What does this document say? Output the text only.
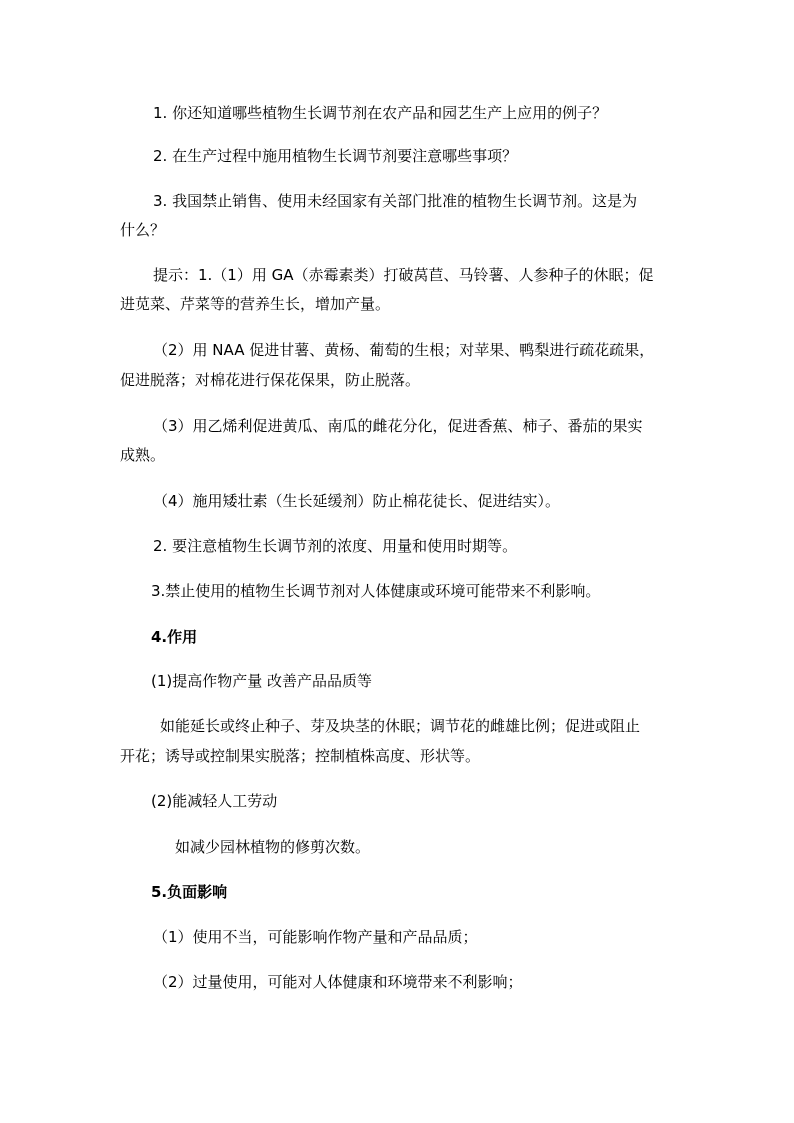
1. 你还知道哪些植物生长调节剂在农产品和园艺生产上应用的例子？
2. 在生产过程中施用植物生长调节剂要注意哪些事项？
3. 我国禁止销售、使用未经国家有关部门批准的植物生长调节剂。这是为
什么？
提示：1.（1）用 GA（赤霉素类）打破莴苣、马铃薯、人参种子的休眠；促
进苋菜、芹菜等的营养生长，增加产量。
（2）用 NAA 促进甘薯、黄杨、葡萄的生根；对苹果、鸭梨进行疏花疏果，
促进脱落；对棉花进行保花保果，防止脱落。
（3）用乙烯利促进黄瓜、南瓜的雌花分化，促进香蕉、柿子、番茄的果实
成熟。
（4）施用矮壮素（生长延缓剂）防止棉花徒长、促进结实）。
2. 要注意植物生长调节剂的浓度、用量和使用时期等。
3.禁止使用的植物生长调节剂对人体健康或环境可能带来不利影响。
4.作用
(1)提高作物产量 改善产品品质等
如能延长或终止种子、芽及块茎的休眠；调节花的雌雄比例；促进或阻止
开花；诱导或控制果实脱落；控制植株高度、形状等。
(2)能减轻人工劳动
如减少园林植物的修剪次数。
5.负面影响
（1）使用不当，可能影响作物产量和产品品质；
（2）过量使用，可能对人体健康和环境带来不利影响；
